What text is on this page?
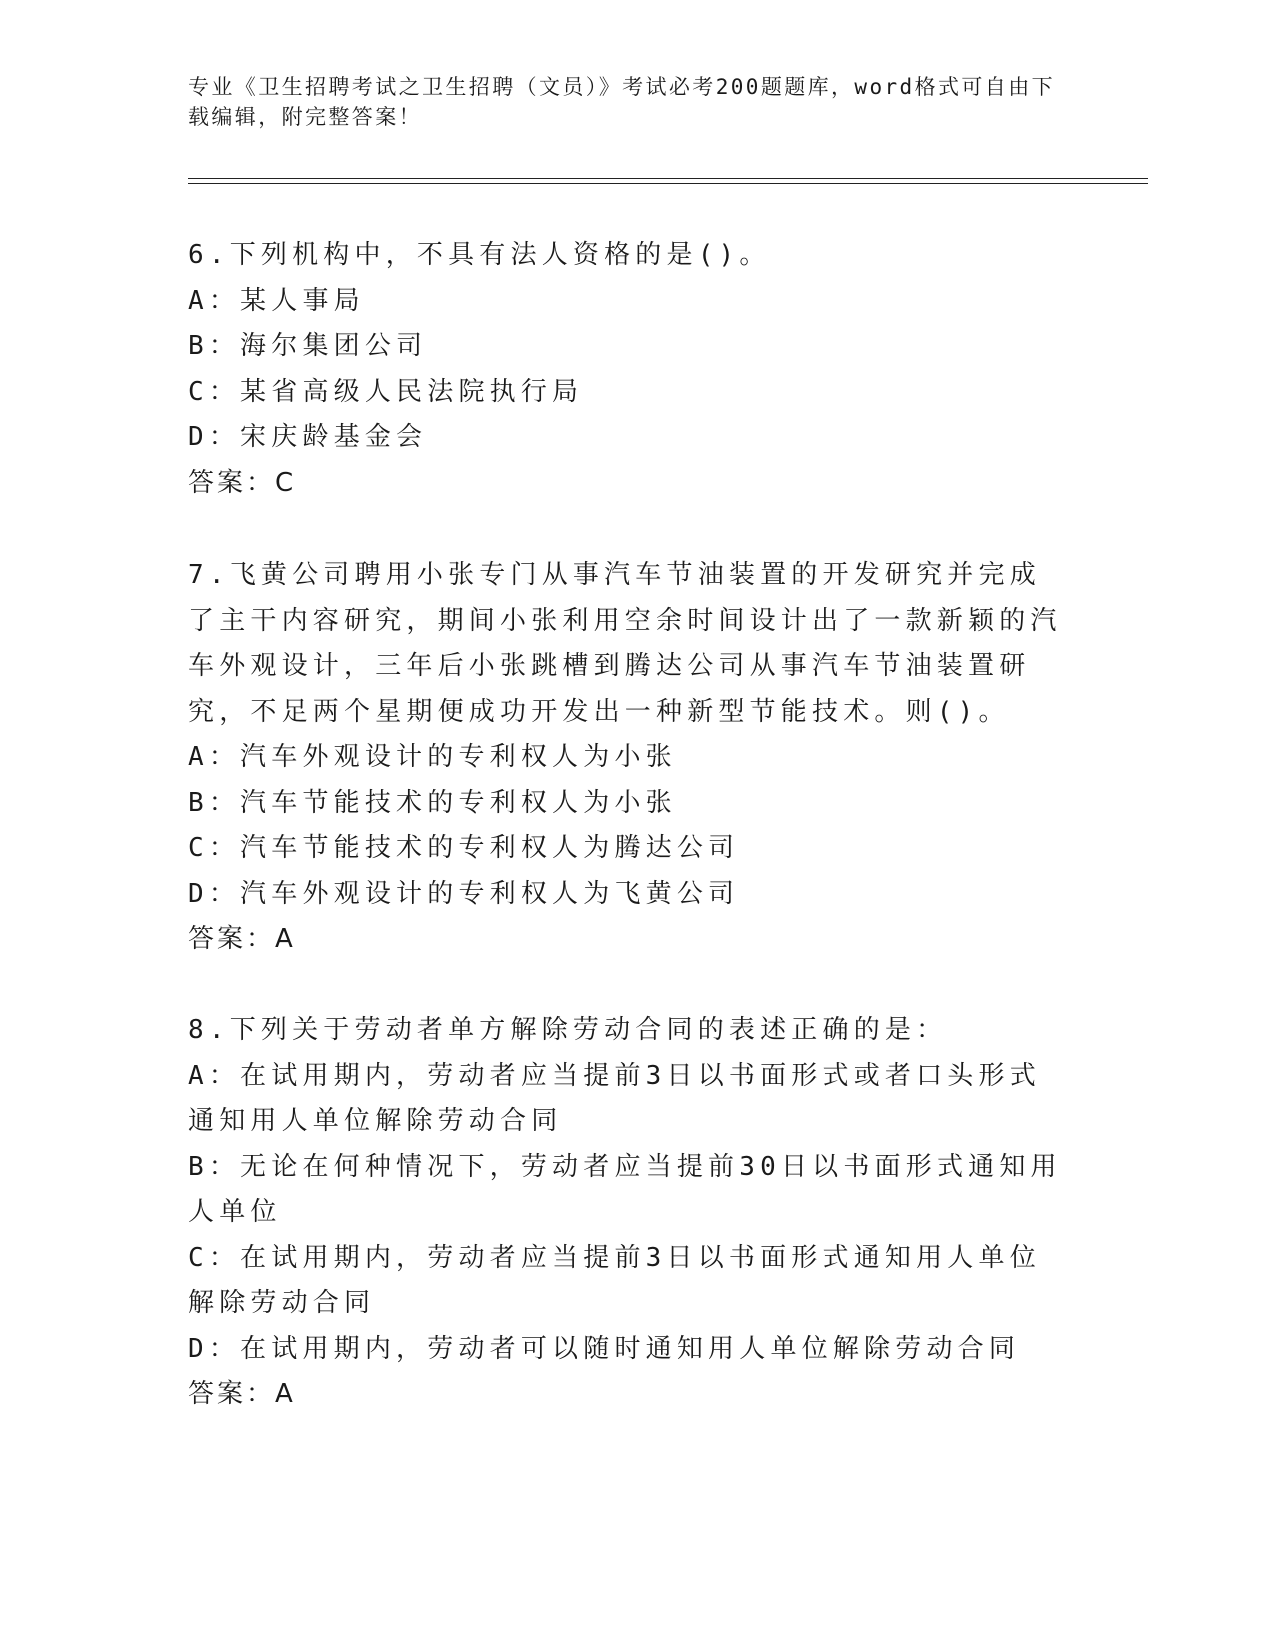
专业《卫生招聘考试之卫生招聘（文员）》考试必考200题题库，word格式可自由下载编辑，附完整答案！

6.下列机构中，不具有法人资格的是()。

A：某人事局

B：海尔集团公司

C：某省高级人民法院执行局

D：宋庆龄基金会

答案：C

7.飞黄公司聘用小张专门从事汽车节油装置的开发研究并完成了主干内容研究，期间小张利用空余时间设计出了一款新颖的汽车外观设计，三年后小张跳槽到腾达公司从事汽车节油装置研究，不足两个星期便成功开发出一种新型节能技术。则()。

A：汽车外观设计的专利权人为小张

B：汽车节能技术的专利权人为小张

C：汽车节能技术的专利权人为腾达公司

D：汽车外观设计的专利权人为飞黄公司

答案：A

8.下列关于劳动者单方解除劳动合同的表述正确的是：

A：在试用期内，劳动者应当提前3日以书面形式或者口头形式通知用人单位解除劳动合同

B：无论在何种情况下，劳动者应当提前30日以书面形式通知用人单位

C：在试用期内，劳动者应当提前3日以书面形式通知用人单位解除劳动合同

D：在试用期内，劳动者可以随时通知用人单位解除劳动合同

答案：A
